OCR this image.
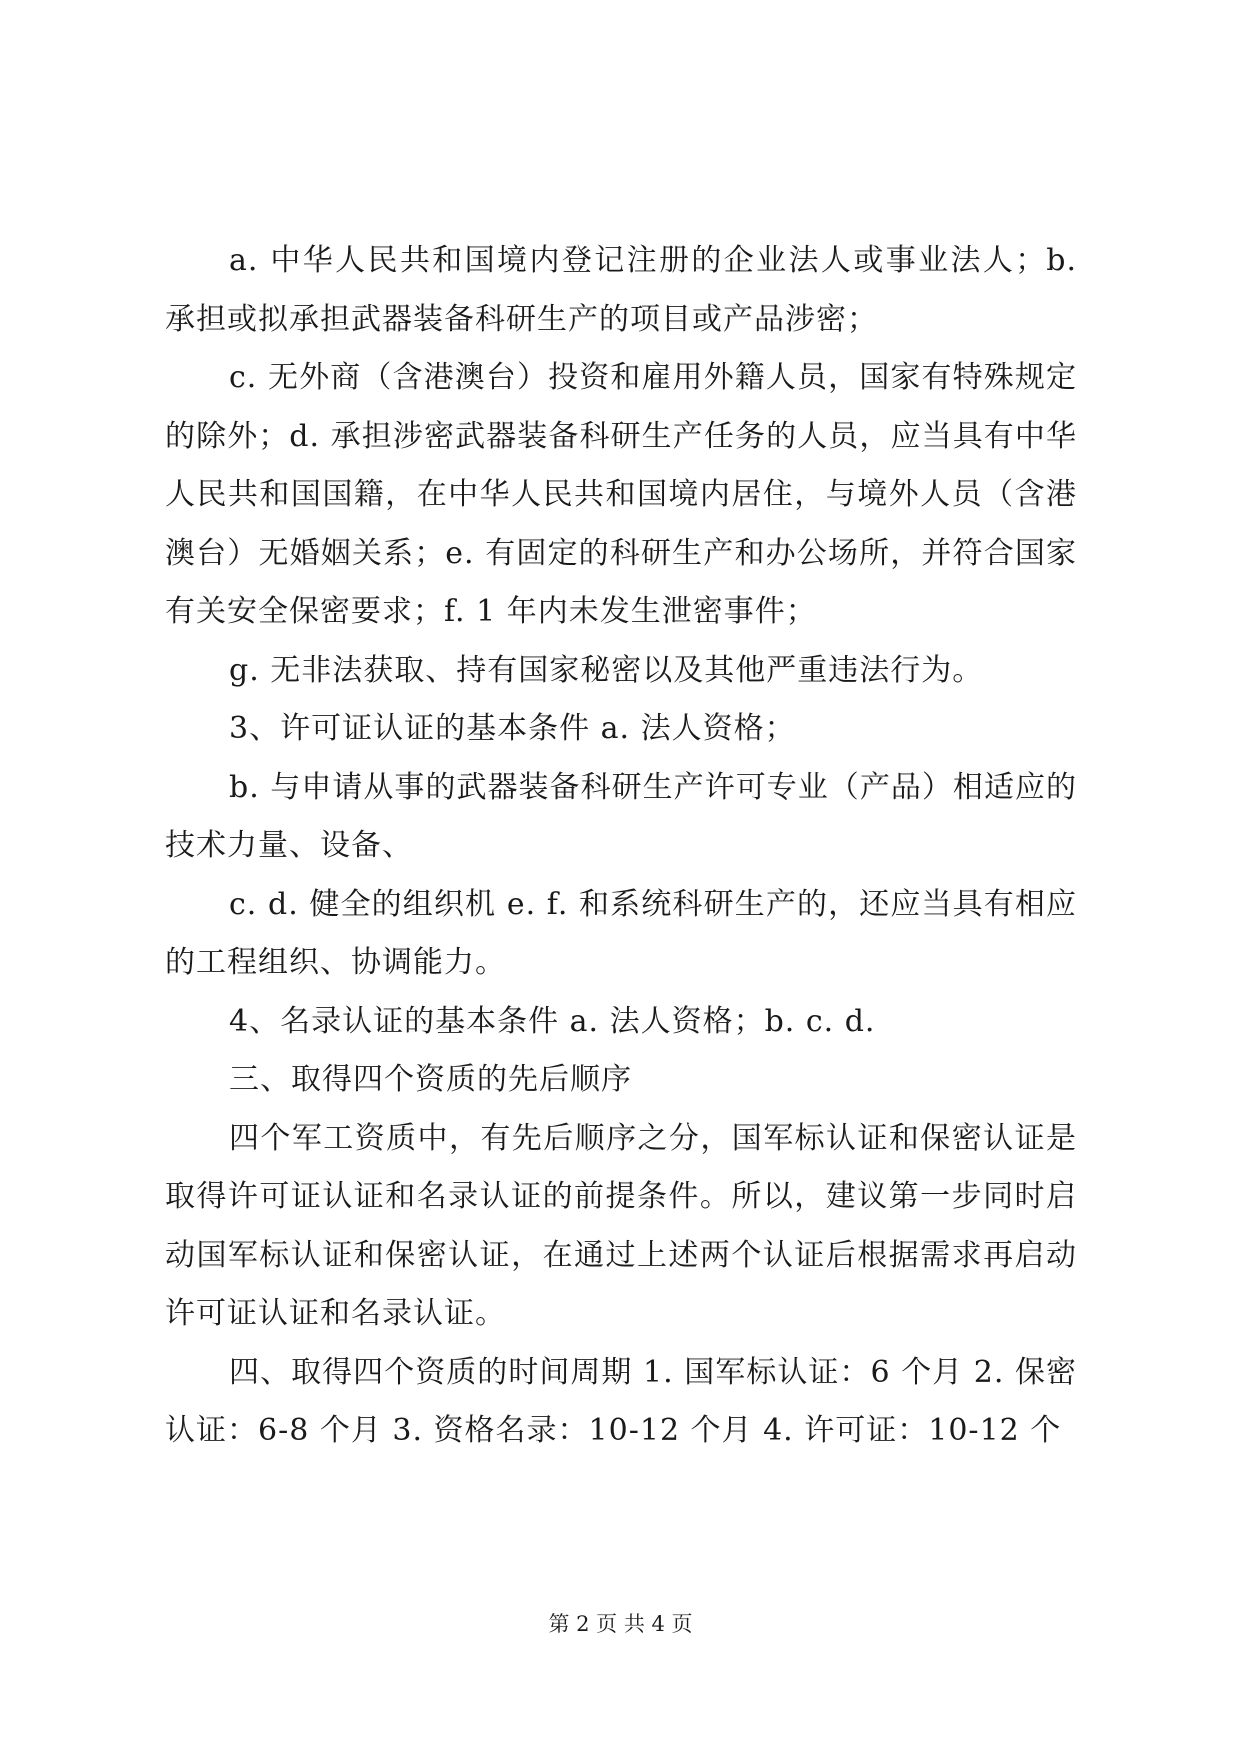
a. 中华人民共和国境内登记注册的企业法人或事业法人；b. 承担或拟承担武器装备科研生产的项目或产品涉密；

c. 无外商（含港澳台）投资和雇用外籍人员，国家有特殊规定的除外；d. 承担涉密武器装备科研生产任务的人员，应当具有中华人民共和国国籍，在中华人民共和国境内居住，与境外人员（含港澳台）无婚姻关系；e. 有固定的科研生产和办公场所，并符合国家有关安全保密要求；f. 1 年内未发生泄密事件；

g. 无非法获取、持有国家秘密以及其他严重违法行为。

3、许可证认证的基本条件 a. 法人资格；

b. 与申请从事的武器装备科研生产许可专业（产品）相适应的技术力量、设备、

c. d. 健全的组织机 e. f. 和系统科研生产的，还应当具有相应的工程组织、协调能力。

4、名录认证的基本条件 a. 法人资格；b. c. d.

三、取得四个资质的先后顺序

四个军工资质中，有先后顺序之分，国军标认证和保密认证是取得许可证认证和名录认证的前提条件。所以，建议第一步同时启动国军标认证和保密认证，在通过上述两个认证后根据需求再启动许可证认证和名录认证。

四、取得四个资质的时间周期 1. 国军标认证：6 个月 2. 保密认证：6-8 个月 3. 资格名录：10-12 个月 4. 许可证：10-12 个

第 2 页 共 4 页
